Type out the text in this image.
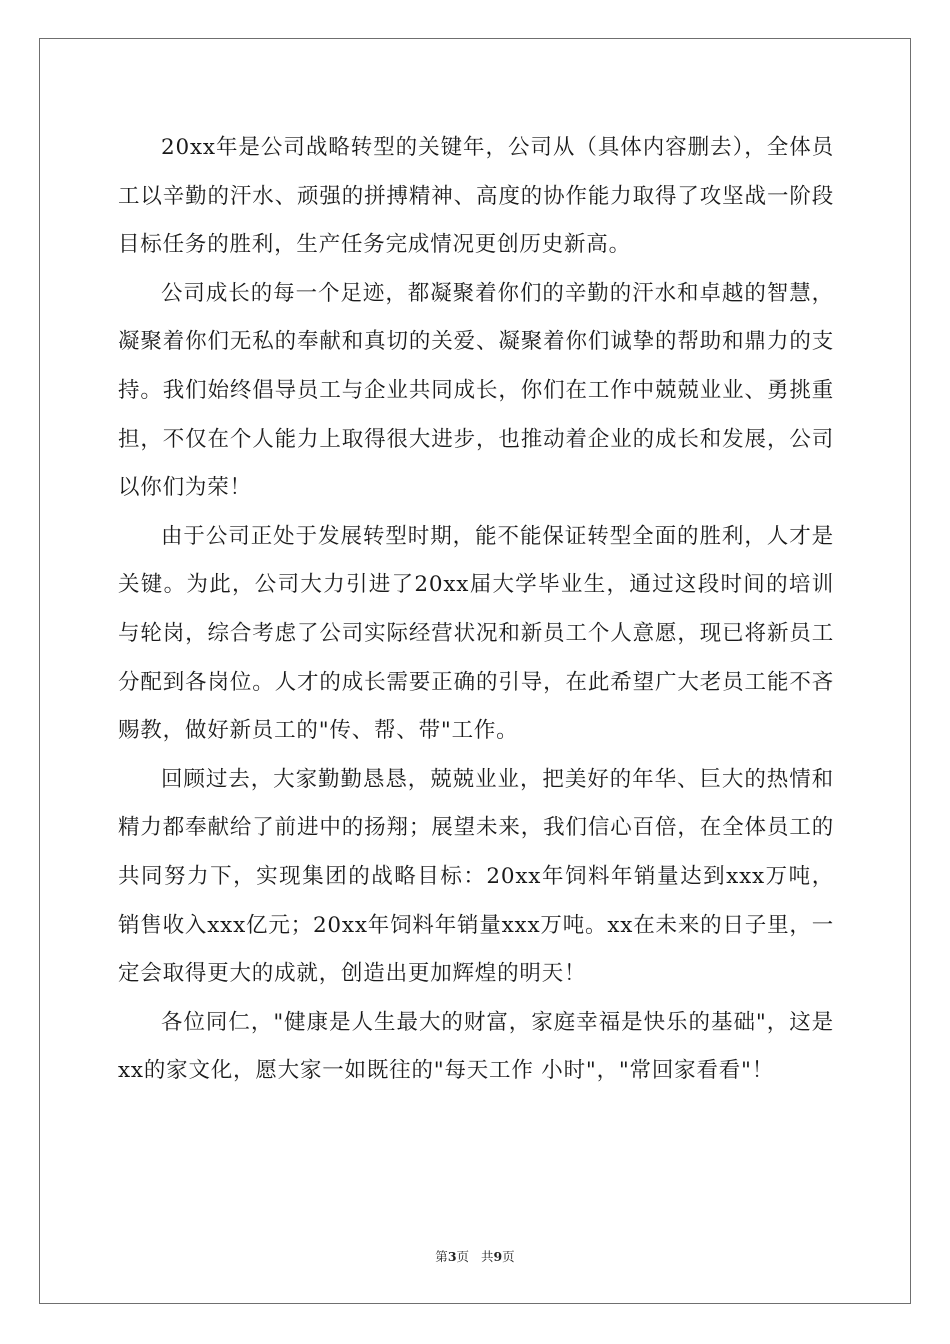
20xx年是公司战略转型的关键年，公司从（具体内容删去），全体员工以辛勤的汗水、顽强的拼搏精神、高度的协作能力取得了攻坚战一阶段目标任务的胜利，生产任务完成情况更创历史新高。

公司成长的每一个足迹，都凝聚着你们的辛勤的汗水和卓越的智慧，凝聚着你们无私的奉献和真切的关爱、凝聚着你们诚挚的帮助和鼎力的支持。我们始终倡导员工与企业共同成长，你们在工作中兢兢业业、勇挑重担，不仅在个人能力上取得很大进步，也推动着企业的成长和发展，公司以你们为荣！

由于公司正处于发展转型时期，能不能保证转型全面的胜利，人才是关键。为此，公司大力引进了20xx届大学毕业生，通过这段时间的培训与轮岗，综合考虑了公司实际经营状况和新员工个人意愿，现已将新员工分配到各岗位。人才的成长需要正确的引导，在此希望广大老员工能不吝赐教，做好新员工的"传、帮、带"工作。

回顾过去，大家勤勤恳恳，兢兢业业，把美好的年华、巨大的热情和精力都奉献给了前进中的扬翔；展望未来，我们信心百倍，在全体员工的共同努力下，实现集团的战略目标：20xx年饲料年销量达到xxx万吨，销售收入xxx亿元；20xx年饲料年销量xxx万吨。xx在未来的日子里，一定会取得更大的成就，创造出更加辉煌的明天！

各位同仁，"健康是人生最大的财富，家庭幸福是快乐的基础"，这是xx的家文化，愿大家一如既往的"每天工作 小时"，"常回家看看"！

第3页 共9页
